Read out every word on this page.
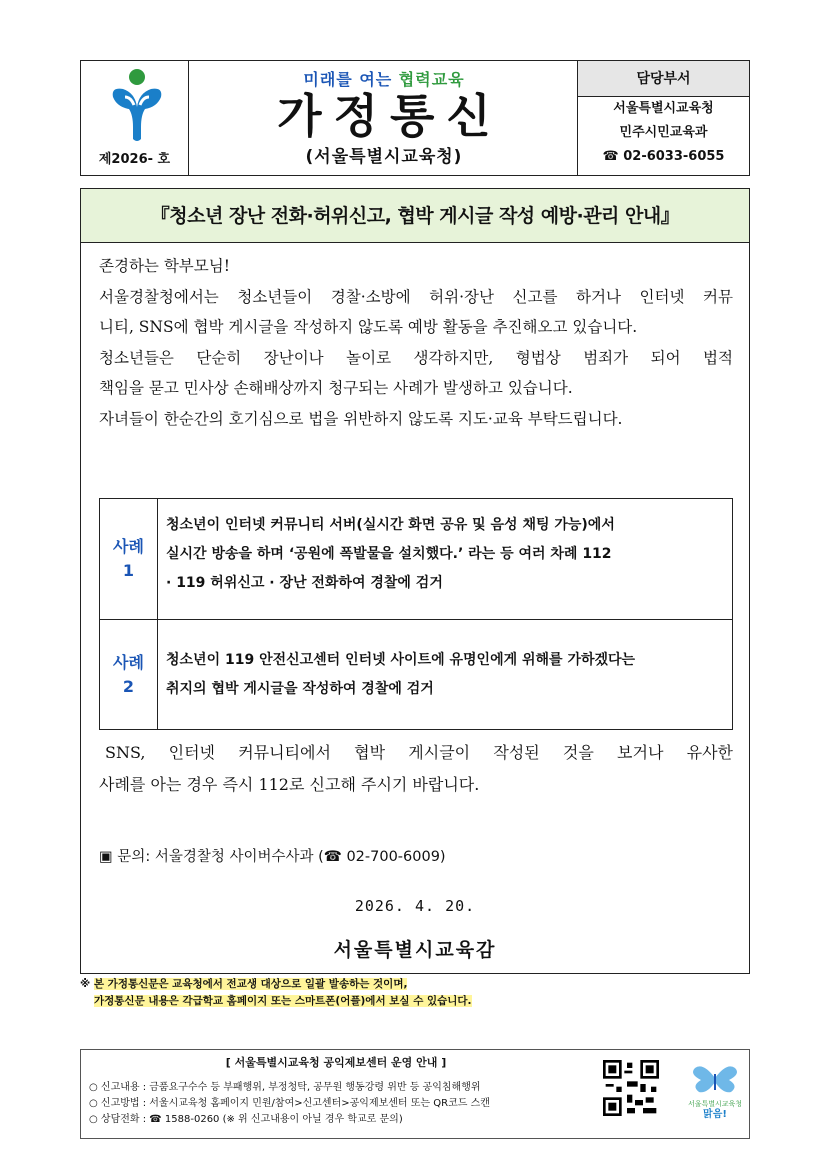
제2026- 호
미래를 여는 협력교육
가정통신
(서울특별시교육청)
담당부서
서울특별시교육청
민주시민교육과
☎ 02-6033-6055
『청소년 장난 전화·허위신고, 협박 게시글 작성 예방·관리 안내』
존경하는 학부모님!
서울경찰청에서는 청소년들이 경찰·소방에 허위·장난 신고를 하거나 인터넷 커뮤
니티, SNS에 협박 게시글을 작성하지 않도록 예방 활동을 추진해오고 있습니다.
청소년들은 단순히 장난이나 놀이로 생각하지만, 형법상 범죄가 되어 법적
책임을 묻고 민사상 손해배상까지 청구되는 사례가 발생하고 있습니다.
자녀들이 한순간의 호기심으로 법을 위반하지 않도록 지도·교육 부탁드립니다.
사례
1
청소년이 인터넷 커뮤니티 서버(실시간 화면 공유 및 음성 채팅 가능)에서
실시간 방송을 하며 ‘공원에 폭발물을 설치했다.’ 라는 등 여러 차례 112
· 119 허위신고 · 장난 전화하여 경찰에 검거
사례
2
청소년이 119 안전신고센터 인터넷 사이트에 유명인에게 위해를 가하겠다는
취지의 협박 게시글을 작성하여 경찰에 검거
SNS, 인터넷 커뮤니티에서 협박 게시글이 작성된 것을 보거나 유사한
사례를 아는 경우 즉시 112로 신고해 주시기 바랍니다.
▣ 문의: 서울경찰청 사이버수사과 (☎ 02-700-6009)
2026. 4. 20.
서울특별시교육감
※ 본 가정통신문은 교육청에서 전교생 대상으로 일괄 발송하는 것이며,
가정통신문 내용은 각급학교 홈페이지 또는 스마트폰(어플)에서 보실 수 있습니다.
[ 서울특별시교육청 공익제보센터 운영 안내 ]
○ 신고내용 : 금품요구수수 등 부패행위, 부정청탁, 공무원 행동강령 위반 등 공익침해행위
○ 신고방법 : 서울시교육청 홈페이지 민원/참여>신고센터>공익제보센터 또는 QR코드 스캔
○ 상담전화 : ☎ 1588-0260 (※ 위 신고내용이 아닐 경우 학교로 문의)
서울특별시교육청
맑음!
